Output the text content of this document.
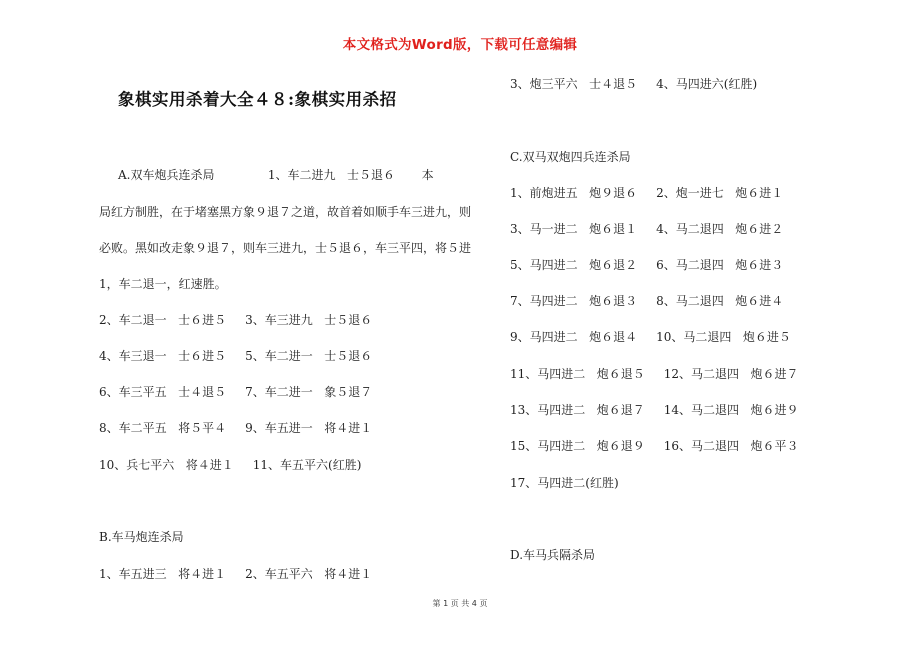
本文格式为Word版，下载可任意编辑
象棋实用杀着大全４８:象棋实用杀招
A.双车炮兵连杀局              1、车二进九   士５退６       本
局红方制胜，在于堵塞黑方象９退７之道，故首着如顺手车三进九，则
必败。黑如改走象９退７，则车三进九，士５退６，车三平四，将５进
1，车二退一，红速胜。
2、车二退一   士６进５     3、车三进九   士５退６
4、车三退一   士６进５     5、车二进一   士５退６
6、车三平五   士４退５     7、车二进一   象５退７
8、车二平五   将５平４     9、车五进一   将４进１
10、兵七平六   将４进１     11、车五平六(红胜)
B.车马炮连杀局
1、车五进三   将４进１     2、车五平六   将４进１
3、炮三平六   士４退５     4、马四进六(红胜)
C.双马双炮四兵连杀局
1、前炮进五   炮９退６     2、炮一进七   炮６进１
3、马一进二   炮６退１     4、马二退四   炮６进２
5、马四进二   炮６退２     6、马二退四   炮６进３
7、马四进二   炮６退３     8、马二退四   炮６进４
9、马四进二   炮６退４     10、马二退四   炮６进５
11、马四进二   炮６退５     12、马二退四   炮６进７
13、马四进二   炮６退７     14、马二退四   炮６进９
15、马四进二   炮６退９     16、马二退四   炮６平３
17、马四进二(红胜)
D.车马兵隔杀局
第 1 页 共 4 页
